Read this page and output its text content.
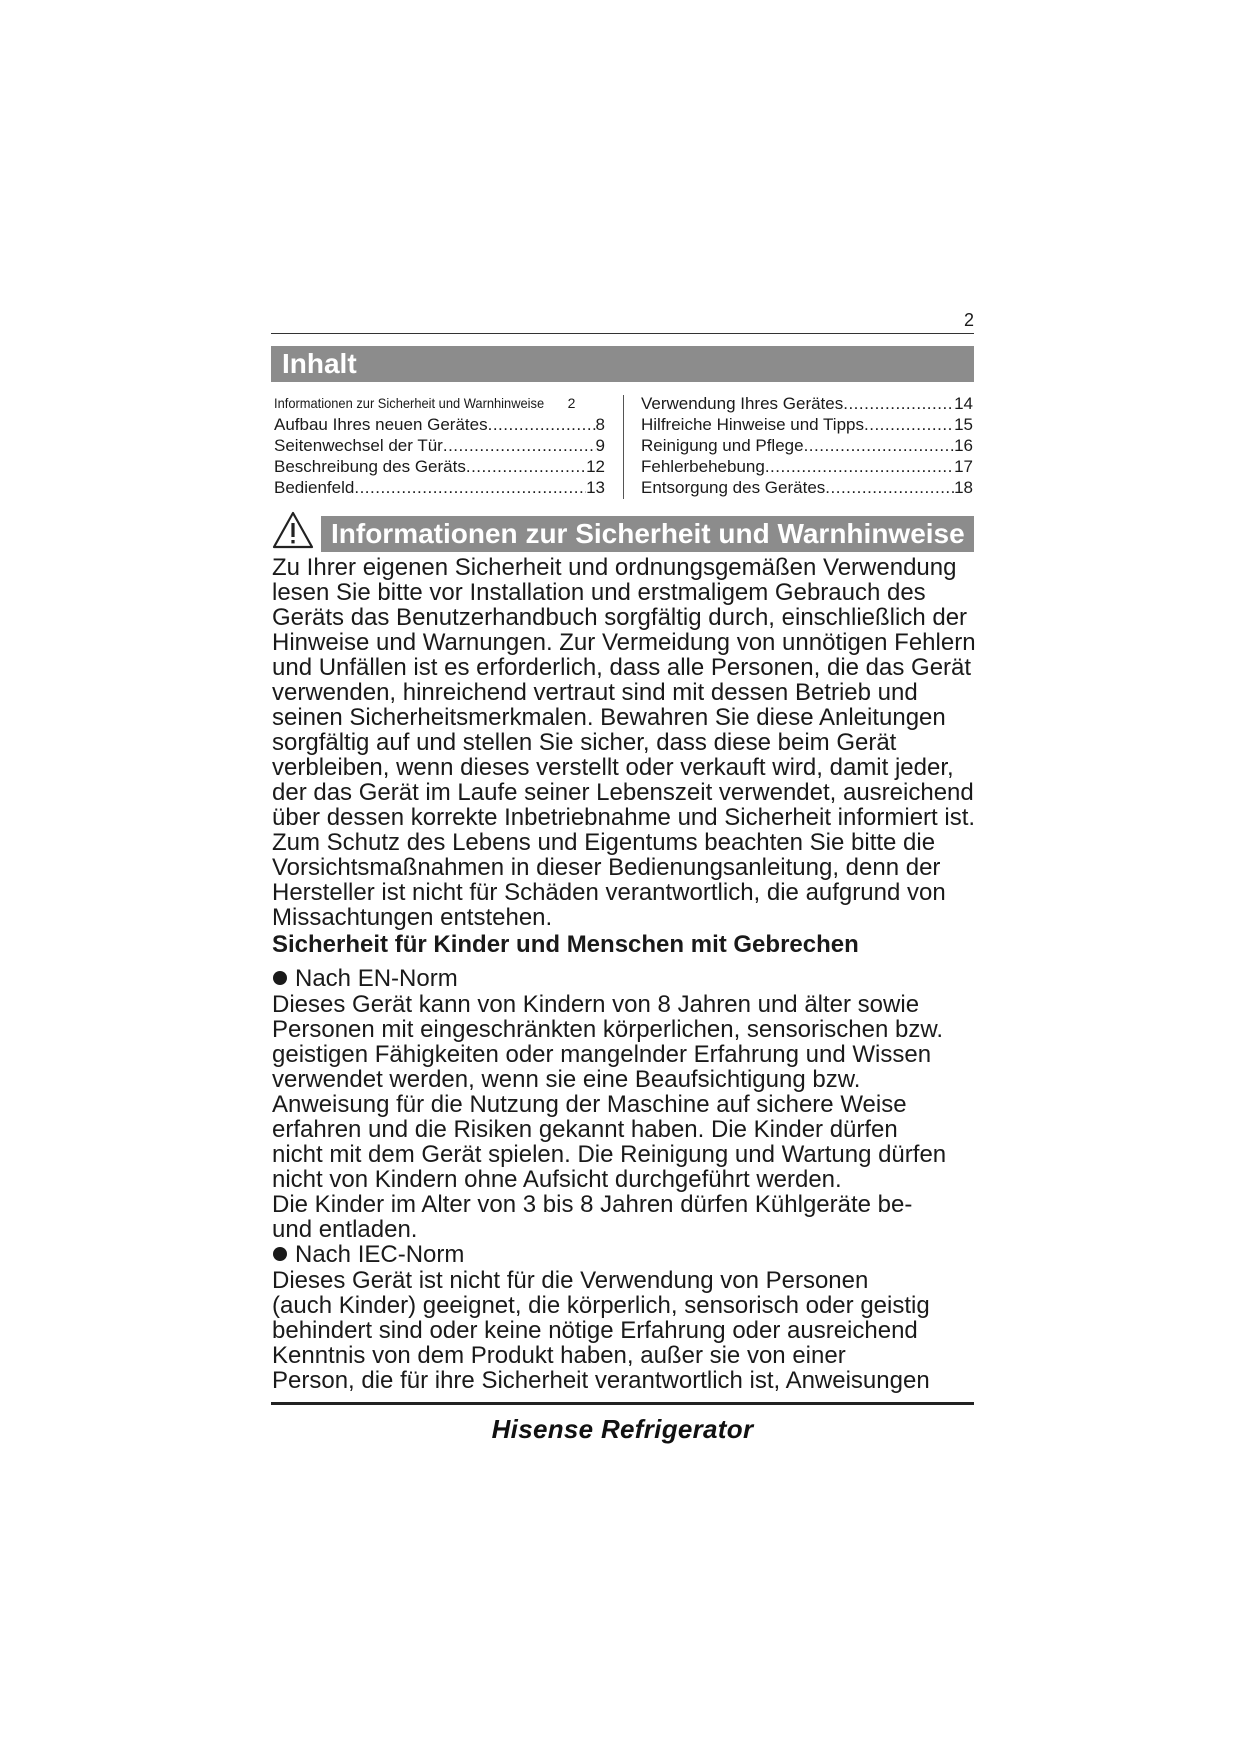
2
Inhalt
Informationen zur Sicherheit und Warnhinweise 2
Aufbau Ihres neuen Gerätes .....	8
Seitenwechsel der Tür .....	9
Beschreibung des Geräts .....	12
Bedienfeld .....	13
Verwendung Ihres Gerätes .....	14
Hilfreiche Hinweise und Tipps .....	15
Reinigung und Pflege .....	16
Fehlerbehebung .....	17
Entsorgung des Gerätes .....	18
Informationen zur Sicherheit und Warnhinweise
Zu Ihrer eigenen Sicherheit und ordnungsgemäßen Verwendung
lesen Sie bitte vor Installation und erstmaligem Gebrauch des
Geräts das Benutzerhandbuch sorgfältig durch, einschließlich der
Hinweise und Warnungen. Zur Vermeidung von unnötigen Fehlern
und Unfällen ist es erforderlich, dass alle Personen, die das Gerät
verwenden, hinreichend vertraut sind mit dessen Betrieb und
seinen Sicherheitsmerkmalen. Bewahren Sie diese Anleitungen
sorgfältig auf und stellen Sie sicher, dass diese beim Gerät
verbleiben, wenn dieses verstellt oder verkauft wird, damit jeder,
der das Gerät im Laufe seiner Lebenszeit verwendet, ausreichend
über dessen korrekte Inbetriebnahme und Sicherheit informiert ist.
Zum Schutz des Lebens und Eigentums beachten Sie bitte die
Vorsichtsmaßnahmen in dieser Bedienungsanleitung, denn der
Hersteller ist nicht für Schäden verantwortlich, die aufgrund von
Missachtungen entstehen.
Sicherheit für Kinder und Menschen mit Gebrechen
Nach EN-Norm
Dieses Gerät kann von Kindern von 8 Jahren und älter sowie
Personen mit eingeschränkten körperlichen, sensorischen bzw.
geistigen Fähigkeiten oder mangelnder Erfahrung und Wissen
verwendet werden, wenn sie eine Beaufsichtigung bzw.
Anweisung für die Nutzung der Maschine auf sichere Weise
erfahren und die Risiken gekannt haben. Die Kinder dürfen
nicht mit dem Gerät spielen. Die Reinigung und Wartung dürfen
nicht von Kindern ohne Aufsicht durchgeführt werden.
Die Kinder im Alter von 3 bis 8 Jahren dürfen Kühlgeräte be-
und entladen.
Nach IEC-Norm
Dieses Gerät ist nicht für die Verwendung von Personen
(auch Kinder) geeignet, die körperlich, sensorisch oder geistig
behindert sind oder keine nötige Erfahrung oder ausreichend
Kenntnis von dem Produkt haben, außer sie von einer
Person, die für ihre Sicherheit verantwortlich ist, Anweisungen
Hisense Refrigerator
